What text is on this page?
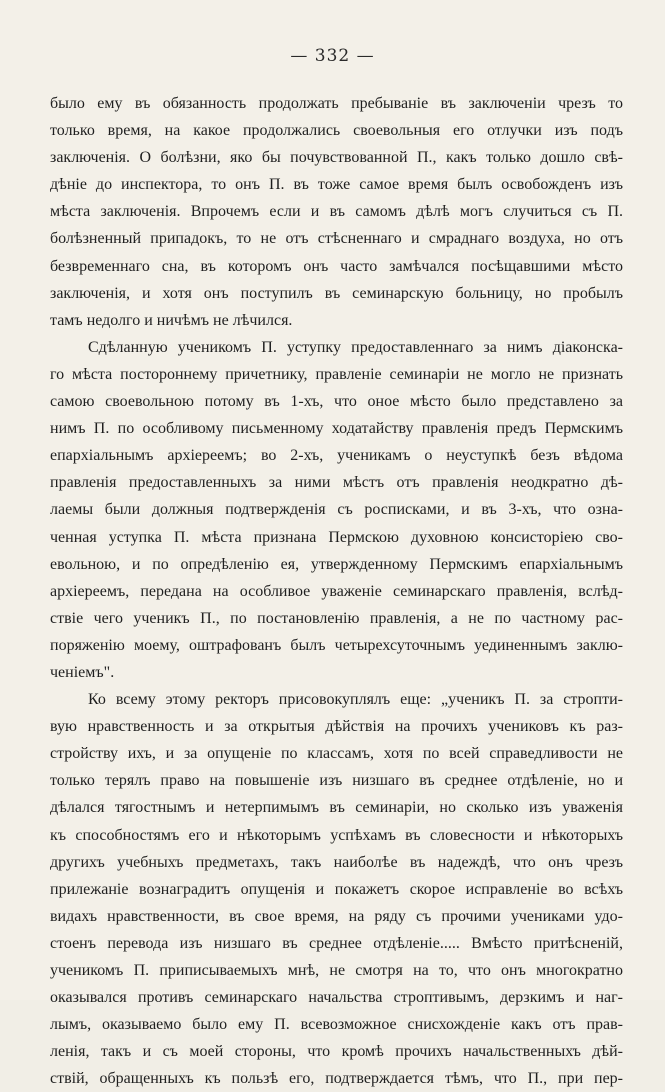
— 332 —
было ему въ обязанность продолжать пребываніе въ заключеніи чрезъ то
только время, на какое продолжались своевольныя его отлучки изъ подъ
заключенія. О болѣзни, яко бы почувствованной П., какъ только дошло свѣ-
дѣніе до инспектора, то онъ П. въ тоже самое время былъ освобожденъ изъ
мѣста заключенія. Впрочемъ если и въ самомъ дѣлѣ могъ случиться съ П.
болѣзненный припадокъ, то не отъ стѣсненнаго и смраднаго воздуха, но отъ
безвременнаго сна, въ которомъ онъ часто замѣчался посѣщавшими мѣсто
заключенія, и хотя онъ поступилъ въ семинарскую больницу, но пробылъ
тамъ недолго и ничѣмъ не лѣчился.
Сдѣланную ученикомъ П. уступку предоставленнаго за нимъ діаконска-
го мѣста постороннему причетнику, правленіе семинаріи не могло не признать
самою своевольною потому въ 1-хъ, что оное мѣсто было представлено за
нимъ П. по особливому письменному ходатайству правленія предъ Пермскимъ
епархіальнымъ архіереемъ; во 2-хъ, ученикамъ о неуступкѣ безъ вѣдома
правленія предоставленныхъ за ними мѣстъ отъ правленія неодкратно дѣ-
лаемы были должныя подтвержденія съ росписками, и въ 3-хъ, что озна-
ченная уступка П. мѣста признана Пермскою духовною консисторіею сво-
евольною, и по опредѣленію ея, утвержденному Пермскимъ епархіальнымъ
архіереемъ, передана на особливое уваженіе семинарскаго правленія, вслѣд-
ствіе чего ученикъ П., по постановленію правленія, а не по частному рас-
поряженію моему, оштрафованъ былъ четырехсуточнымъ уединеннымъ заклю-
ченіемъ".
Ко всему этому ректоръ присовокуплялъ еще: „ученикъ П. за стропти-
вую нравственность и за открытыя дѣйствія на прочихъ учениковъ къ раз-
стройству ихъ, и за опущеніе по классамъ, хотя по всей справедливости не
только терялъ право на повышеніе изъ низшаго въ среднее отдѣленіе, но и
дѣлался тягостнымъ и нетерпимымъ въ семинаріи, но сколько изъ уваженія
къ способностямъ его и нѣкоторымъ успѣхамъ въ словесности и нѣкоторыхъ
другихъ учебныхъ предметахъ, такъ наиболѣе въ надеждѣ, что онъ чрезъ
прилежаніе вознаградитъ опущенія и покажетъ скорое исправленіе во всѣхъ
видахъ нравственности, въ свое время, на ряду съ прочими учениками удо-
стоенъ перевода изъ низшаго въ среднее отдѣленіе..... Вмѣсто притѣсненій,
ученикомъ П. приписываемыхъ мнѣ, не смотря на то, что онъ многократно
оказывался противъ семинарскаго начальства строптивымъ, дерзкимъ и наг-
лымъ, оказываемо было ему П. всевозможное снисхожденіе какъ отъ прав-
ленія, такъ и съ моей стороны, что кромѣ прочихъ начальственныхъ дѣй-
ствій, обращенныхъ къ пользѣ его, подтверждается тѣмъ, что П., при пер-
